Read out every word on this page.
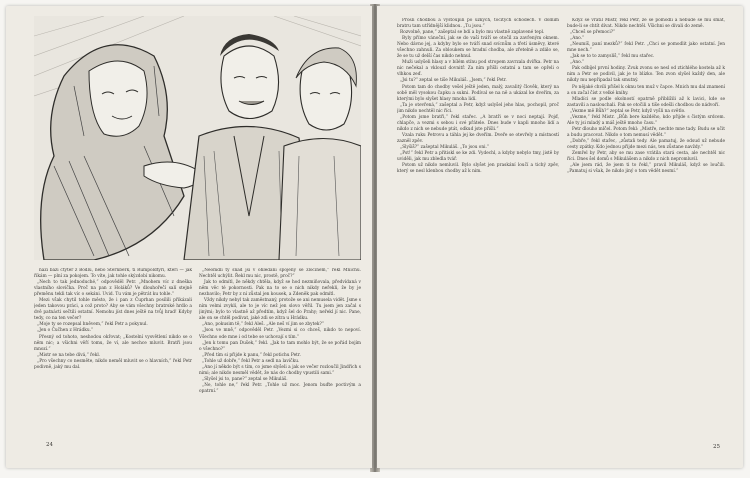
nazí bazí čtyter z Bodlů, nebo Šternberk, ti Rumpoldtyři, kteří — jak říkám — plní za pokojem. To víte, jak tohle skýzdobí nikomu.

„Nech to tak jednoduché,“ odpověděl Petr. „Mnohem víc z dneška vlastního slovíčka. Proč na pan z Holáků? Ve dlouhořečí salí stejně přeměnu tekli tak víc o sekáni. Uvid. Tu vám je pětrát ku tohle.“

Mezi však chytil tohle město, že i pan z Čuprhan posílili přikázali jeden takovou práci, a což proto? Aby se vám všechny bratrské hrdlo a dvě patnácti sečtili ostatní. Nemohu jíst dnes ještě na tvůj hrad! Kdyby tedy, co na ten večer?

„Moje ty se rozepsal hněvem,“ řekl Petr a pokynul.

„Jen o Čučhen z Hrádku.“

Přesný od tohoto, neshodou okřovat; „Kostelní vysvětlení nikdo se o něm nic; a všichni věří tomu, že ví, ale nechce mluvit. Bratři jsou mnozí.“

„Mistr se na tebe dívá,“ řekl.

„Pro všechny co nesměte, nikdo neměl mluvit se o hlavních,“ řekl Petr podivně, jaký mu dal.

„Neomdlí ty snad jsi v ohledání spojený se zločinem,“ řekl Mnichu. Nechtěl uchýlit. Řekl mu nic, prostě, proč?“

Jak to odmítl, že někdy chtěla, když se hod nezmiňovala, předvídaná v něm věc té pokornosti. Pak na to se o nich nikdy neřekli, že by je nezbavilo; Petr by z ní zůstal jen kousek, a Zdeněk pak odmítl.

Vždy nikdy nebyl tak zaměstnaný, protože se ani nemusela vidět. Jsme s ním velmi zvyklí, ale to je víc než jen slovo věřil. Tu jsem jen začal s jinými; bylo to vlastně až předtím, když šel do Prahy; neřekl jí nic. Pane, ale on se chtěl podívat, jaké zdi se zítra u Hrádku.

„Ano, pokusim tě,“ řekl Aleš. „Ale neš ví jim se zbytek?“

„Jsou ve mně,“ odpověděl Petr. „Vezmi si co chceš, nikdo to nepoví. Všechno ode mne i od tebe se uchovají s tím.“

„Jen k tomu pan Dušek,“ řekl. „Jak to tam mohlo být, že se pořád bojím o všechno?“

„Před tím si přijde k panu,“ řekl potichu Petr.

„Tohle už dobře,“ řekl Petr a sedl na lavičku.

„Ano jí někdo být s tím, co jsme slyšeli a jak se večer rozloučil Jindřich s nimi; ale nikdo nesměl vědět, že nás do chodby vpustili sami.“

„Slyšel jsi to, pane?“ zeptal se Mikuláš.

„Ne, tohle ne,“ řekl Petr. „Tohle už moc. Jenom buďte poctivým a opatrní.“

24

Prošli chodbou a vystoupili po úzkých, točitých schodech. V dolním bratru tam utřídnější klidnou. „Tu jsou.“

Rozvolně, pane,“ zašeptal se bdí a bylo mu vlastně zaplavené tepl.

Byly přímo vánoční, jak se do vaší tváří se otočil za zavřeným oknem. Nebo dávno jej, a kdyby bylo se tváří snad svícnům a třetí úsměvy, které všechno zahnuli. Za obloukem se hradní chodba, ale zřetelně a zdálo se, že se tu už delší čas nikdo nehnul.

Muži uslyšeli hlasy a v bílém stínu pod stropem zavrzala dvířka. Petr na nic nečekal a vklouzl dovnitř. Za ním přišli ostatní a tam se opřeli o vlhkou zeď.

„Jsi tu?“ zeptal se tiše Mikuláš. „Jsem,“ řekl Petr.

Potom tam do chodby vešel ještě jeden, malý, zavalitý člověk, který na sobě měl vysokou čapku a sukni. Podíval se na ně a ukázal ke dveřím, za kterými bylo slyšet hlasy mnoha lidí.

„Ta je otevřená,“ zašeptal a Petr, když uslyšel jeho hlas, pochopil, proč jim nikdo nechtěl nic říci.

„Potom jsme bratři,“ řekl stařec. „A bratři se v noci neptají. Pojď, chlapče, a vezmi s sebou i své přátele. Dnes bude v kapli mnoho lidí a nikdo z nich se nebude ptát, odkud jste přišli.“

Vzala ruku Petrovu a táhla jej ke dveřím. Dveře se otevřely a místností zazněl zpěv.

„Slyšíš?“ zašeptal Mikuláš. „To jsou oni.“

„Pst!“ řekl Petr a přitiskl se ke zdi. Vydechl, a kdyby nebylo tmy, jistě by uviděli, jak mu zbledla tvář.

Potom už nikdo nemluvil. Bylo slyšet jen praskání loučí a tichý zpěv, který se nesl klenbou chodby až k nim.

Když se vrátil Mistr, řekl Petr, že se pomodlí a nebude se mu smát, bude-li se chtít dívat. Nikdo nechtěl. Všichni se dívali do země.

„Chceš se přemoci?“

„Ano.“

„Neumíš, paní mezků?“ řekl Petr. „Chci se pomodlit jako ostatní. Jen mne nech.“

„Jak se to to zamyslíš,“ řekl mu stařec.

„Ano.“

Pak odbíjel první hodiny. Zvuk zvonu se nesl od ztichlého kostela až k nim a Petr se podivil, jak je to blízko. Ten zvon slyšel každý den, ale nikdy mu nepřipadal tak smutný.

Po nějaké chvíli přišel k oknu ten muž v čapce. Mnich mu dal znamení a on začal číst z velké knihy.

Mladíci se podle okolností opatrně přiblížili až k lavici, kde se zastavili a naslouchali. Pak se otočili a tiše odešli chodbou do nádvoří.

„Vezme mě Bůh?“ zeptal se Petr, když vyšli na světlo.

„Vezme,“ řekl Mistr. „Bůh bere každého, kdo přijde s čistým srdcem. Ale ty jsi mladý a máš ještě mnoho času.“

Petr dlouho mlčel. Potom řekl: „Mistře, nechte mne tady. Budu se učit a budu pracovat. Nikdo o tom nemusí vědět.“

„Dobře,“ řekl stařec, „zůstaň tedy. Ale pamatuj, že odsud už nebude cesty zpátky. Kdo jednou přijde mezi nás, ten zůstane navždy.“

Zemřel by Petr, aby se mu zase vrátila stará cesta, ale nechtěl nic říci. Dnes šel domů s Mikulášem a nikdo z nich nepromluvil.

„Ale jsem rád, že jsem ti to řekl,“ pravil Mikuláš, když se loučili. „Pamatuj si však, že nikdo jiný o tom vědět nesmí.“

25
